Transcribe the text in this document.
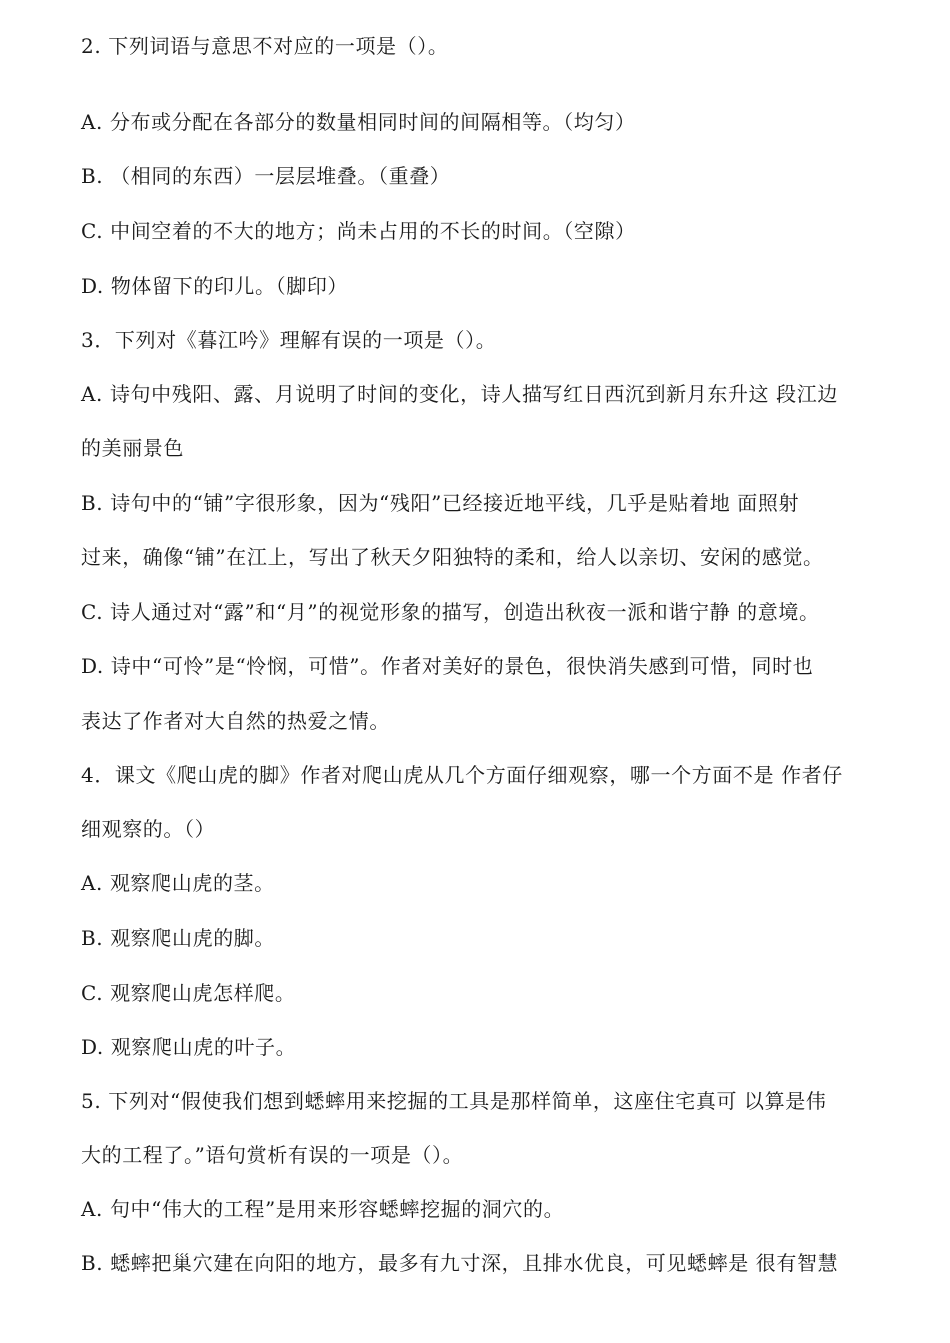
2. 下列词语与意思不对应的一项是（）。
A. 分布或分配在各部分的数量相同时间的间隔相等。（均匀）
B. （相同的东西）一层层堆叠。（重叠）
C. 中间空着的不大的地方；尚未占用的不长的时间。（空隙）
D. 物体留下的印儿。（脚印）
3．下列对《暮江吟》理解有误的一项是（）。
A. 诗句中残阳、露、月说明了时间的变化，诗人描写红日西沉到新月东升这 段江边
的美丽景色
B. 诗句中的“铺”字很形象，因为“残阳”已经接近地平线，几乎是贴着地 面照射
过来，确像“铺”在江上，写出了秋天夕阳独特的柔和，给人以亲切、安闲的感觉。
C. 诗人通过对“露”和“月”的视觉形象的描写，创造出秋夜一派和谐宁静 的意境。
D. 诗中“可怜”是“怜悯，可惜”。作者对美好的景色，很快消失感到可惜，同时也
表达了作者对大自然的热爱之情。
4．课文《爬山虎的脚》作者对爬山虎从几个方面仔细观察，哪一个方面不是 作者仔
细观察的。（）
A. 观察爬山虎的茎。
B. 观察爬山虎的脚。
C. 观察爬山虎怎样爬。
D. 观察爬山虎的叶子。
5. 下列对“假使我们想到蟋蟀用来挖掘的工具是那样简单，这座住宅真可 以算是伟
大的工程了。”语句赏析有误的一项是（）。
A. 句中“伟大的工程”是用来形容蟋蟀挖掘的洞穴的。
B. 蟋蟀把巢穴建在向阳的地方，最多有九寸深，且排水优良，可见蟋蟀是 很有智慧
